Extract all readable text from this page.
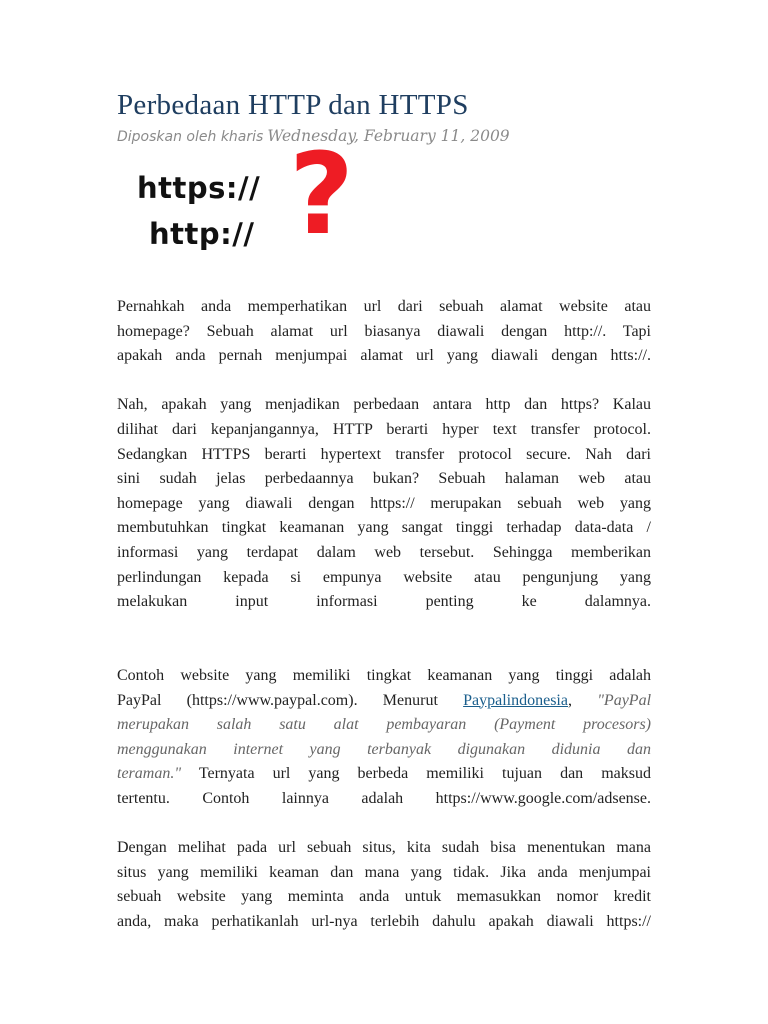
Perbedaan HTTP dan HTTPS
Diposkan oleh kharis Wednesday, February 11, 2009
https://
http:// ?
Pernahkah anda memperhatikan url dari sebuah alamat website atau
homepage? Sebuah alamat url biasanya diawali dengan http://. Tapi
apakah anda pernah menjumpai alamat url yang diawali dengan htts://.
Nah, apakah yang menjadikan perbedaan antara http dan https? Kalau
dilihat dari kepanjangannya, HTTP berarti hyper text transfer protocol.
Sedangkan HTTPS berarti hypertext transfer protocol secure. Nah dari
sini sudah jelas perbedaannya bukan? Sebuah halaman web atau
homepage yang diawali dengan https:// merupakan sebuah web yang
membutuhkan tingkat keamanan yang sangat tinggi terhadap data-data /
informasi yang terdapat dalam web tersebut. Sehingga memberikan
perlindungan kepada si empunya website atau pengunjung yang
melakukan input informasi penting ke dalamnya.
Contoh website yang memiliki tingkat keamanan yang tinggi adalah
PayPal (https://www.paypal.com). Menurut Paypalindonesia, "PayPal
merupakan salah satu alat pembayaran (Payment procesors)
menggunakan internet yang terbanyak digunakan didunia dan
teraman." Ternyata url yang berbeda memiliki tujuan dan maksud
tertentu. Contoh lainnya adalah https://www.google.com/adsense.
Dengan melihat pada url sebuah situs, kita sudah bisa menentukan mana
situs yang memiliki keaman dan mana yang tidak. Jika anda menjumpai
sebuah website yang meminta anda untuk memasukkan nomor kredit
anda, maka perhatikanlah url-nya terlebih dahulu apakah diawali https://
